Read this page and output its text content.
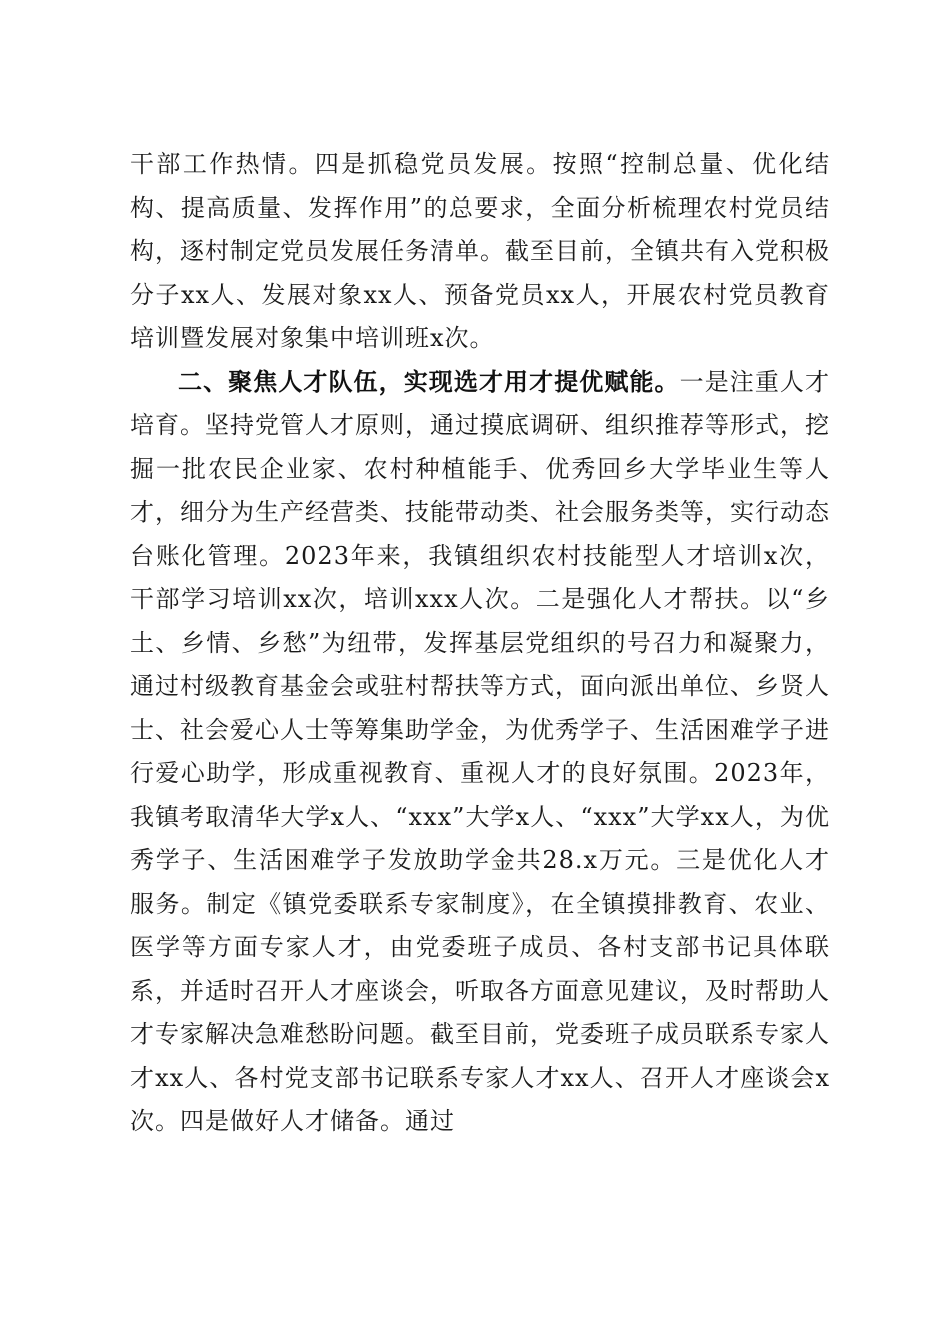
干部工作热情。四是抓稳党员发展。按照“控制总量、优化结构、提高质量、发挥作用”的总要求，全面分析梳理农村党员结构，逐村制定党员发展任务清单。截至目前，全镇共有入党积极分子xx人、发展对象xx人、预备党员xx人，开展农村党员教育培训暨发展对象集中培训班x次。

二、聚焦人才队伍，实现选才用才提优赋能。一是注重人才培育。坚持党管人才原则，通过摸底调研、组织推荐等形式，挖掘一批农民企业家、农村种植能手、优秀回乡大学毕业生等人才，细分为生产经营类、技能带动类、社会服务类等，实行动态台账化管理。2023年来，我镇组织农村技能型人才培训x次，干部学习培训xx次，培训xxx人次。二是强化人才帮扶。以“乡土、乡情、乡愁”为纽带，发挥基层党组织的号召力和凝聚力，通过村级教育基金会或驻村帮扶等方式，面向派出单位、乡贤人士、社会爱心人士等筹集助学金，为优秀学子、生活困难学子进行爱心助学，形成重视教育、重视人才的良好氛围。2023年，我镇考取清华大学x人、“xxx”大学x人、“xxx”大学xx人，为优秀学子、生活困难学子发放助学金共28.x万元。三是优化人才服务。制定《镇党委联系专家制度》，在全镇摸排教育、农业、医学等方面专家人才，由党委班子成员、各村支部书记具体联系，并适时召开人才座谈会，听取各方面意见建议，及时帮助人才专家解决急难愁盼问题。截至目前，党委班子成员联系专家人才xx人、各村党支部书记联系专家人才xx人、召开人才座谈会x次。四是做好人才储备。通过
